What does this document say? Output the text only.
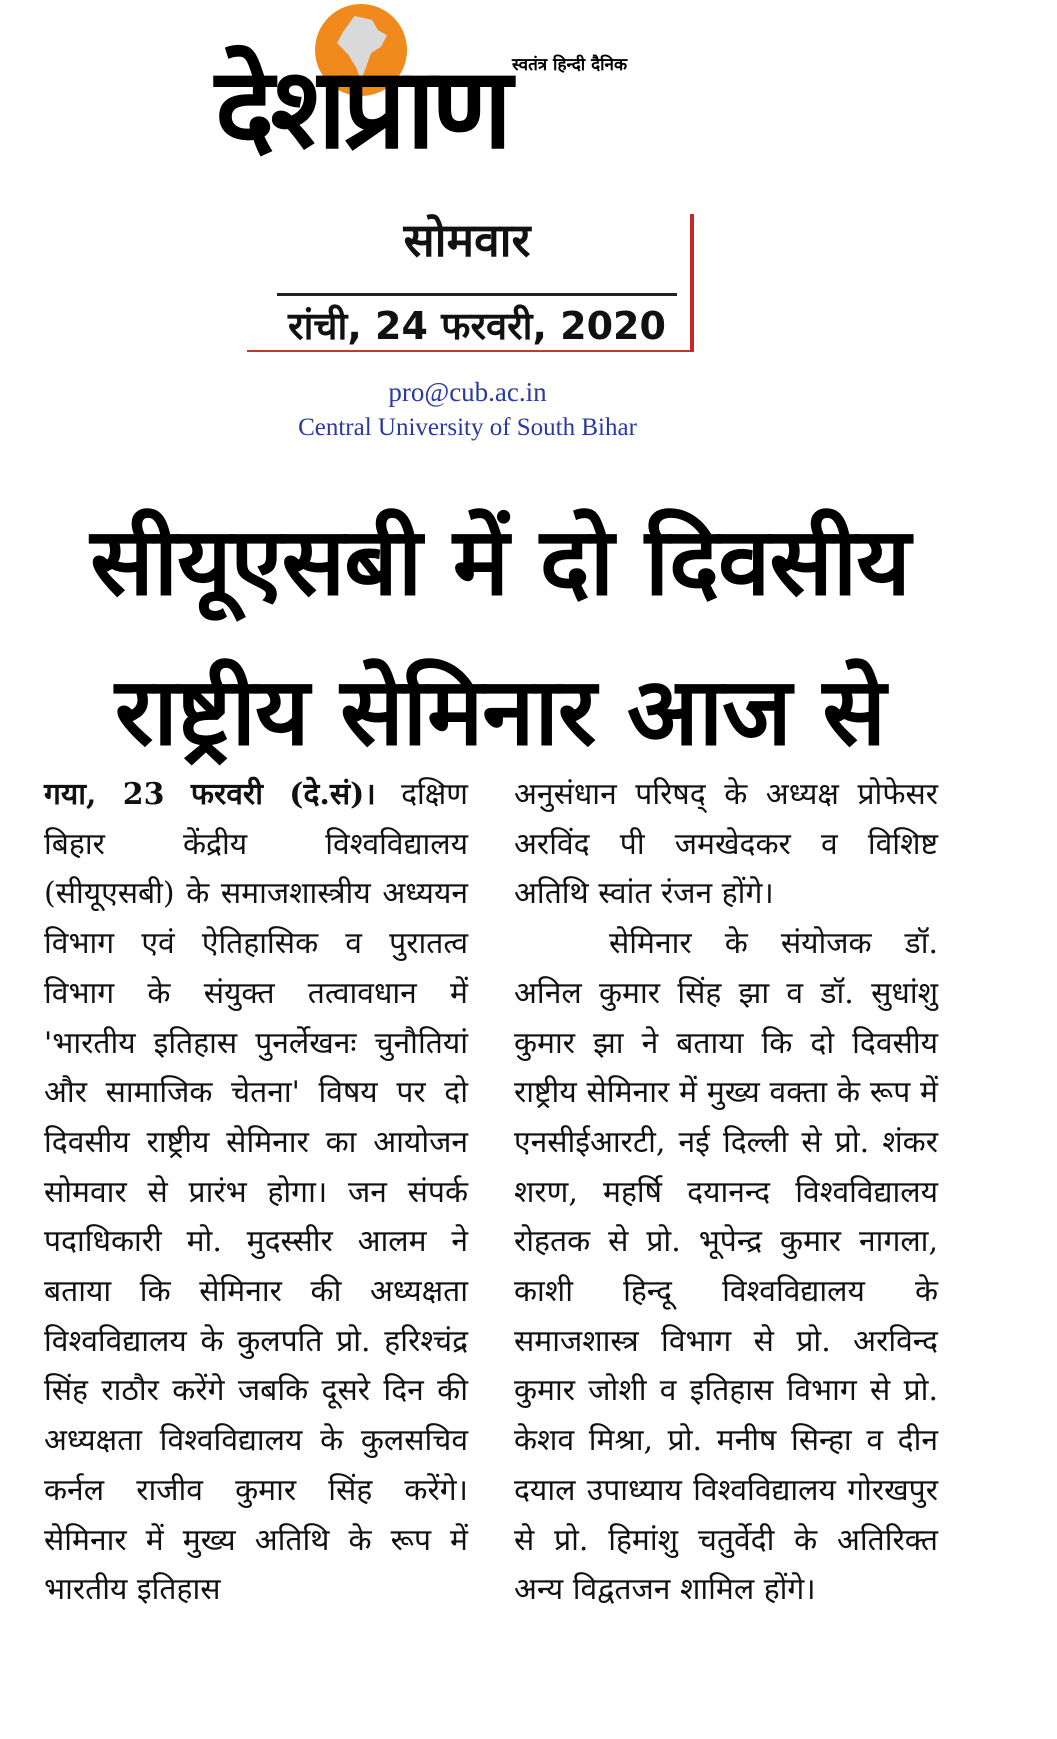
देशप्राण स्वतंत्र हिन्दी दैनिक
सोमवार
रांची, 24 फरवरी, 2020
pro@cub.ac.in
Central University of South Bihar
सीयूएसबी में दो दिवसीय
राष्ट्रीय सेमिनार आज से

गया, 23 फरवरी (दे.सं)। दक्षिण बिहार केंद्रीय विश्वविद्यालय (सीयूएसबी) के समाजशास्त्रीय अध्ययन विभाग एवं ऐतिहासिक व पुरातत्व विभाग के संयुक्त तत्वावधान में 'भारतीय इतिहास पुनर्लेखनः चुनौतियां और सामाजिक चेतना' विषय पर दो दिवसीय राष्ट्रीय सेमिनार का आयोजन सोमवार से प्रारंभ होगा। जन संपर्क पदाधिकारी मो. मुदस्सीर आलम ने बताया कि सेमिनार की अध्यक्षता विश्वविद्यालय के कुलपति प्रो. हरिश्चंद्र सिंह राठौर करेंगे जबकि दूसरे दिन की अध्यक्षता विश्वविद्यालय के कुलसचिव कर्नल राजीव कुमार सिंह करेंगे। सेमिनार में मुख्य अतिथि के रूप में भारतीय इतिहास

अनुसंधान परिषद् के अध्यक्ष प्रोफेसर अरविंद पी जमखेदकर व विशिष्ट अतिथि स्वांत रंजन होंगे।

सेमिनार के संयोजक डॉ. अनिल कुमार सिंह झा व डॉ. सुधांशु कुमार झा ने बताया कि दो दिवसीय राष्ट्रीय सेमिनार में मुख्य वक्ता के रूप में एनसीईआरटी, नई दिल्ली से प्रो. शंकर शरण, महर्षि दयानन्द विश्वविद्यालय रोहतक से प्रो. भूपेन्द्र कुमार नागला, काशी हिन्दू विश्वविद्यालय के समाजशास्त्र विभाग से प्रो. अरविन्द कुमार जोशी व इतिहास विभाग से प्रो. केशव मिश्रा, प्रो. मनीष सिन्हा व दीन दयाल उपाध्याय विश्वविद्यालय गोरखपुर से प्रो. हिमांशु चतुर्वेदी के अतिरिक्त अन्य विद्वतजन शामिल होंगे।
